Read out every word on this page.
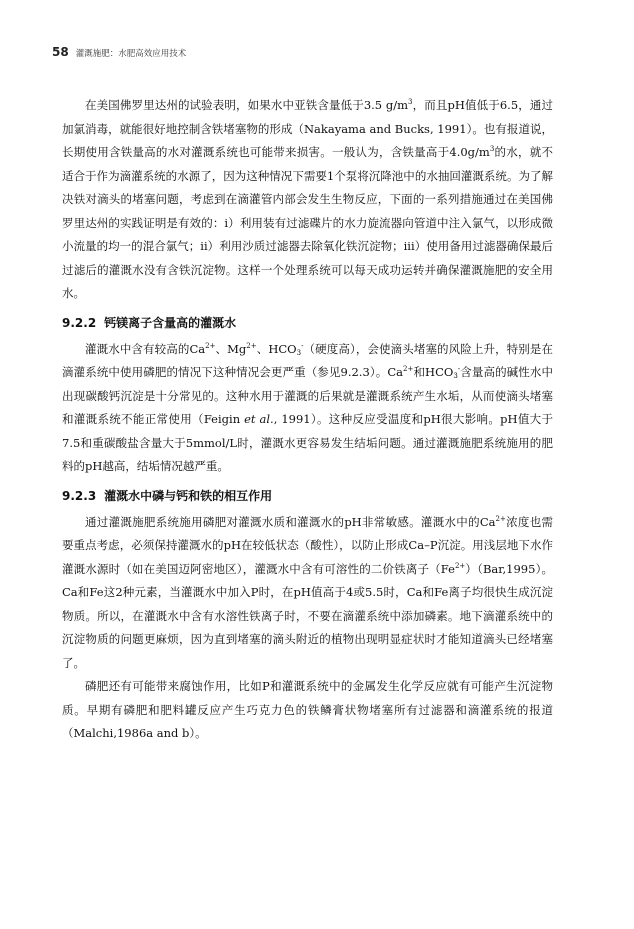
58 灌溉施肥：水肥高效应用技术

在美国佛罗里达州的试验表明，如果水中亚铁含量低于3.5 $g/m^3$，而且pH值低于6.5，通过加氯消毒，就能很好地控制含铁堵塞物的形成（Nakayama and Bucks, 1991）。也有报道说，长期使用含铁量高的水对灌溉系统也可能带来损害。一般认为，含铁量高于$4.0g/m^3$的水，就不适合于作为滴灌系统的水源了，因为这种情况下需要1个泵将沉降池中的水抽回灌溉系统。为了解决铁对滴头的堵塞问题，考虑到在滴灌管内部会发生生物反应，下面的一系列措施通过在美国佛罗里达州的实践证明是有效的：i）利用装有过滤碟片的水力旋流器向管道中注入氯气，以形成微小流量的均一的混合氯气；ii）利用沙质过滤器去除氧化铁沉淀物；iii）使用备用过滤器确保最后过滤后的灌溉水没有含铁沉淀物。这样一个处理系统可以每天成功运转并确保灌溉施肥的安全用水。

9.2.2 钙镁离子含量高的灌溉水

灌溉水中含有较高的$Ca^{2+}$、$Mg^{2+}$、$HCO_3^-$（硬度高），会使滴头堵塞的风险上升，特别是在滴灌系统中使用磷肥的情况下这种情况会更严重（参见9.2.3）。$Ca^{2+}$和$HCO_3^-$含量高的碱性水中出现碳酸钙沉淀是十分常见的。这种水用于灌溉的后果就是灌溉系统产生水垢，从而使滴头堵塞和灌溉系统不能正常使用（Feigin et al., 1991）。这种反应受温度和pH很大影响。pH值大于7.5和重碳酸盐含量大于5mmol/L时，灌溉水更容易发生结垢问题。通过灌溉施肥系统施用的肥料的pH越高，结垢情况越严重。

9.2.3 灌溉水中磷与钙和铁的相互作用

通过灌溉施肥系统施用磷肥对灌溉水质和灌溉水的pH非常敏感。灌溉水中的$Ca^{2+}$浓度也需要重点考虑，必须保持灌溉水的pH在较低状态（酸性），以防止形成Ca–P沉淀。用浅层地下水作灌溉水源时（如在美国迈阿密地区），灌溉水中含有可溶性的二价铁离子$(Fe^{2+})(Bar,1995)$。Ca和Fe这2种元素，当灌溉水中加入P时，在pH值高于4或5.5时，Ca和Fe离子均很快生成沉淀物质。所以，在灌溉水中含有水溶性铁离子时，不要在滴灌系统中添加磷素。地下滴灌系统中的沉淀物质的问题更麻烦，因为直到堵塞的滴头附近的植物出现明显症状时才能知道滴头已经堵塞了。

磷肥还有可能带来腐蚀作用，比如P和灌溉系统中的金属发生化学反应就有可能产生沉淀物质。早期有磷肥和肥料罐反应产生巧克力色的铁鳞膏状物堵塞所有过滤器和滴灌系统的报道（Malchi,1986a and b）。
